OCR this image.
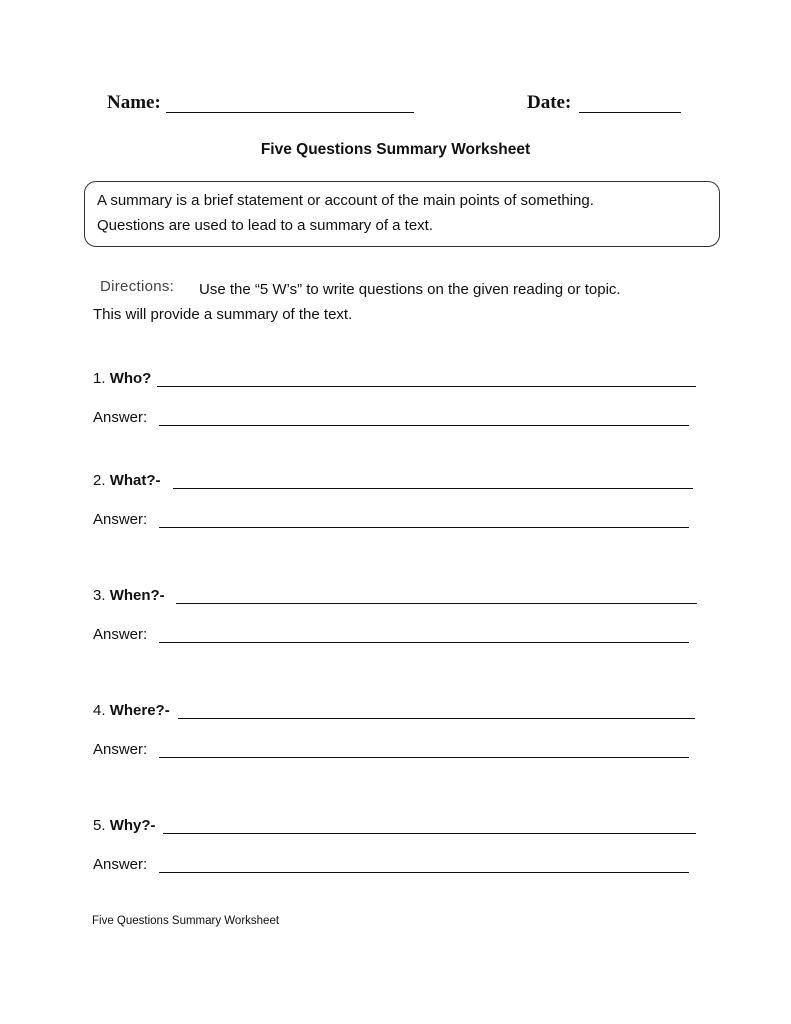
Name:	Date:
Five Questions Summary Worksheet
A summary is a brief statement or account of the main points of something.
Questions are used to lead to a summary of a text.
Directions: Use the “5 W’s” to write questions on the given reading or topic.
This will provide a summary of the text.
1. Who?
Answer:
2. What?-
Answer:
3. When?-
Answer:
4. Where?-
Answer:
5. Why?-
Answer:
Five Questions Summary Worksheet
